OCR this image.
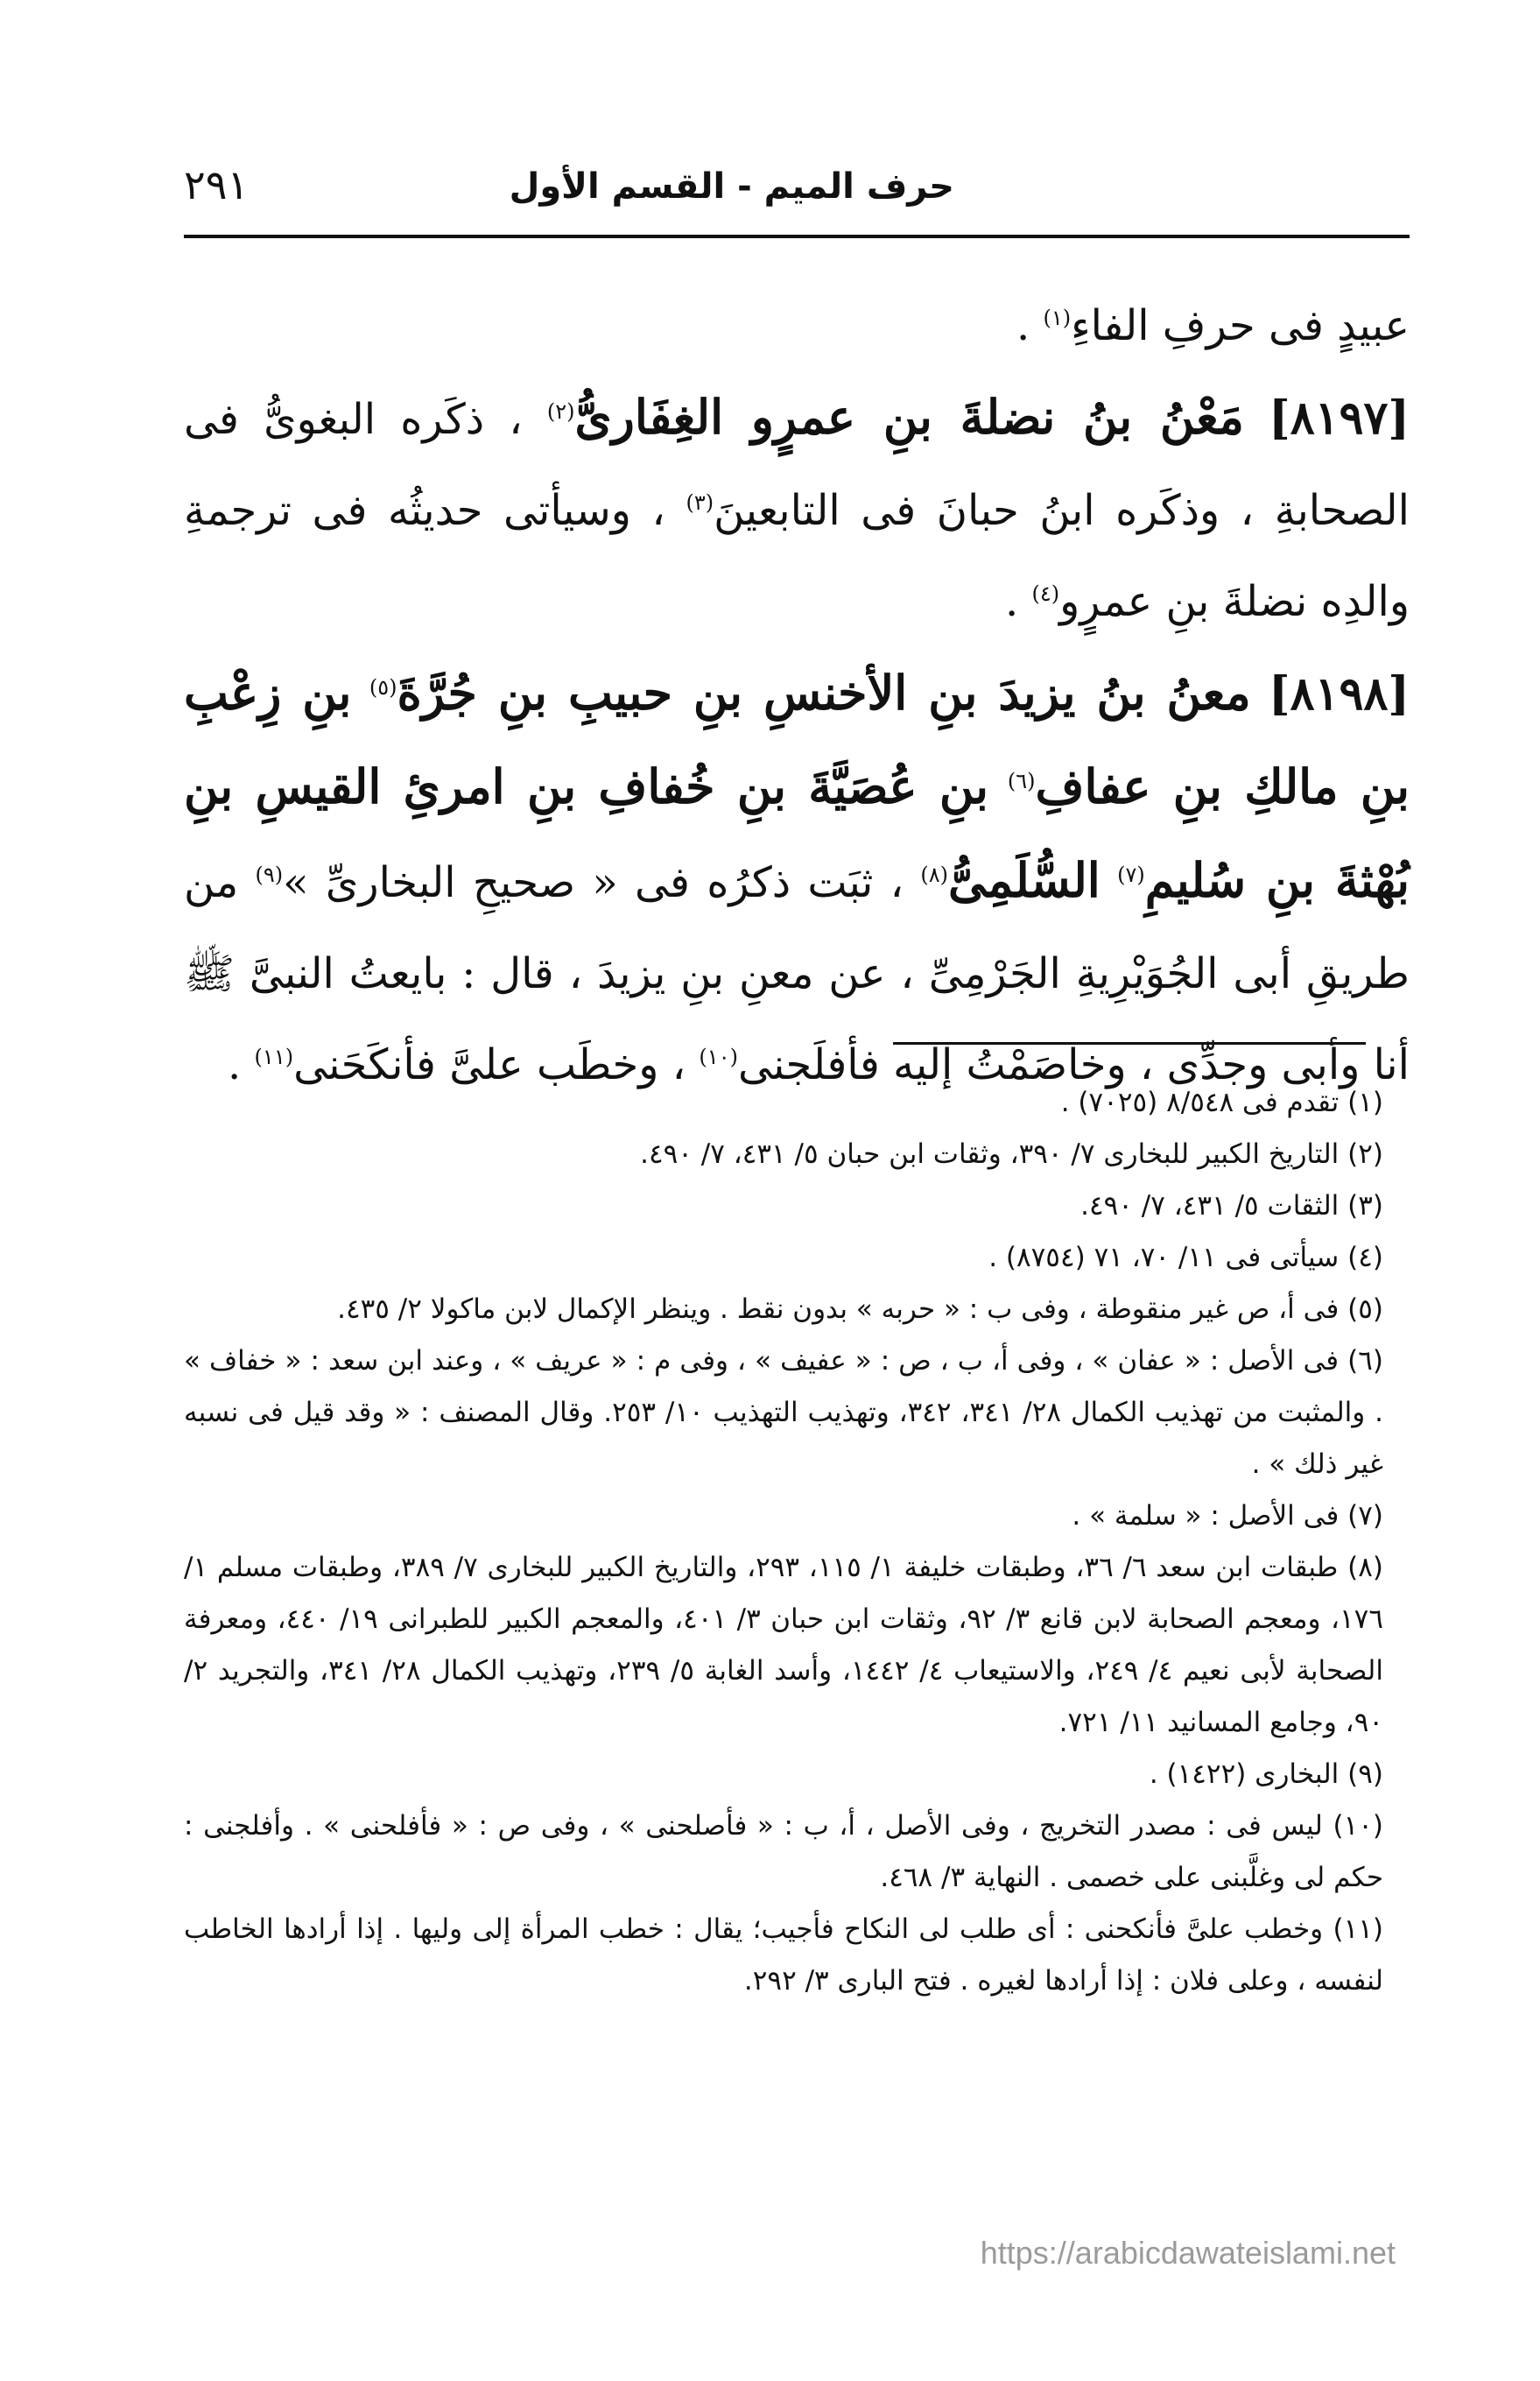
حرف الميم - القسم الأول
٢٩١

عبيدٍ فى حرفِ الفاءِ$^{(١)}$ .

[٨١٩٧] مَعْنُ بنُ نضلةَ بنِ عمرٍو الغِفَارىُّ$^{(٢)}$ ، ذكَره البغوىُّ فى الصحابةِ ، وذكَره ابنُ حبانَ فى التابعينَ$^{(٣)}$ ، وسيأتى حديثُه فى ترجمةِ والدِه نضلةَ بنِ عمرٍو$^{(٤)}$ .

[٨١٩٨] معنُ بنُ يزيدَ بنِ الأخنسِ بنِ حبيبِ بنِ جُرَّةَ$^{(٥)}$ بنِ زِعْبِ بنِ مالكِ بنِ عفافِ$^{(٦)}$ بنِ عُصَيَّةَ بنِ خُفافِ بنِ امرئِ القيسِ بنِ بُهْثةَ بنِ سُليمِ$^{(٧)}$ السُّلَمِىُّ$^{(٨)}$ ، ثبَت ذكرُه فى « صحيحِ البخارىِّ »$^{(٩)}$ من طريقِ أبى الجُوَيْرِيةِ الجَرْمِىِّ ، عن معنِ بنِ يزيدَ ، قال : بايعتُ النبىَّ ﷺ أنا وأبى وجدِّى ، وخاصَمْتُ إليه فأفلَجنى$^{(١٠)}$ ، وخطَب علىَّ فأنكَحَنى$^{(١١)}$ .

(١) تقدم فى ٨/٥٤٨ (٧٠٢٥) .

(٢) التاريخ الكبير للبخارى ٧/ ٣٩٠، وثقات ابن حبان ٥/ ٤٣١، ٧/ ٤٩٠.

(٣) الثقات ٥/ ٤٣١، ٧/ ٤٩٠.

(٤) سيأتى فى ١١/ ٧٠، ٧١ (٨٧٥٤) .

(٥) فى أ، ص غير منقوطة ، وفى ب : « حربه » بدون نقط . وينظر الإكمال لابن ماكولا ٢/ ٤٣٥.

(٦) فى الأصل : « عفان » ، وفى أ، ب ، ص : « عفيف » ، وفى م : « عريف » ، وعند ابن سعد : « خفاف » . والمثبت من تهذيب الكمال ٢٨/ ٣٤١، ٣٤٢، وتهذيب التهذيب ١٠/ ٢٥٣. وقال المصنف : « وقد قيل فى نسبه غير ذلك » .

(٧) فى الأصل : « سلمة » .

(٨) طبقات ابن سعد ٦/ ٣٦، وطبقات خليفة ١/ ١١٥، ٢٩٣، والتاريخ الكبير للبخارى ٧/ ٣٨٩، وطبقات مسلم ١/ ١٧٦، ومعجم الصحابة لابن قانع ٣/ ٩٢، وثقات ابن حبان ٣/ ٤٠١، والمعجم الكبير للطبرانى ١٩/ ٤٤٠، ومعرفة الصحابة لأبى نعيم ٤/ ٢٤٩، والاستيعاب ٤/ ١٤٤٢، وأسد الغابة ٥/ ٢٣٩، وتهذيب الكمال ٢٨/ ٣٤١، والتجريد ٢/ ٩٠، وجامع المسانيد ١١/ ٧٢١.

(٩) البخارى (١٤٢٢) .

(١٠) ليس فى : مصدر التخريج ، وفى الأصل ، أ، ب : « فأصلحنى » ، وفى ص : « فأفلحنى » . وأفلجنى : حكم لى وغلَّبنى على خصمى . النهاية ٣/ ٤٦٨.

(١١) وخطب علىَّ فأنكحنى : أى طلب لى النكاح فأجيب؛ يقال : خطب المرأة إلى وليها . إذا أرادها الخاطب لنفسه ، وعلى فلان : إذا أرادها لغيره . فتح البارى ٣/ ٢٩٢.

https://arabicdawateislami.net
